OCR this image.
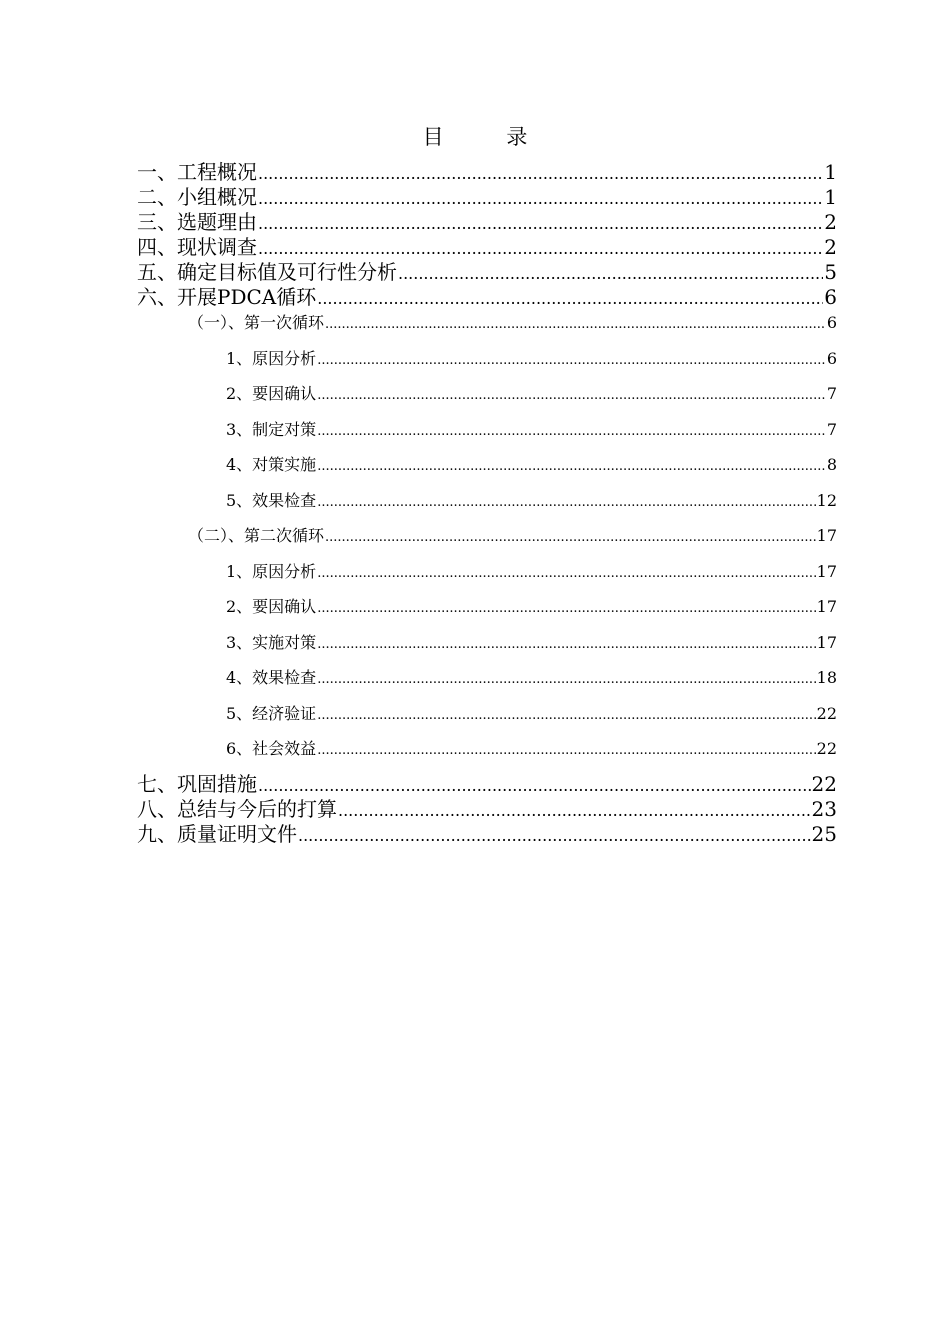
目 录
一、工程概况 .....	1
二、小组概况 .....	1
三、选题理由 .....	2
四、现状调查 .....	2
五、确定目标值及可行性分析 .....	5
六、开展PDCA循环 .....	6
（一）、第一次循环 .....	6
1、原因分析 .....	6
2、要因确认 .....	7
3、制定对策 .....	7
4、对策实施 .....	8
5、效果检查 .....	12
（二）、第二次循环 .....	17
1、原因分析 .....	17
2、要因确认 .....	17
3、实施对策 .....	17
4、效果检查 .....	18
5、经济验证 .....	22
6、社会效益 .....	22
七、巩固措施 .....	22
八、总结与今后的打算 .....	23
九、质量证明文件 .....	25
